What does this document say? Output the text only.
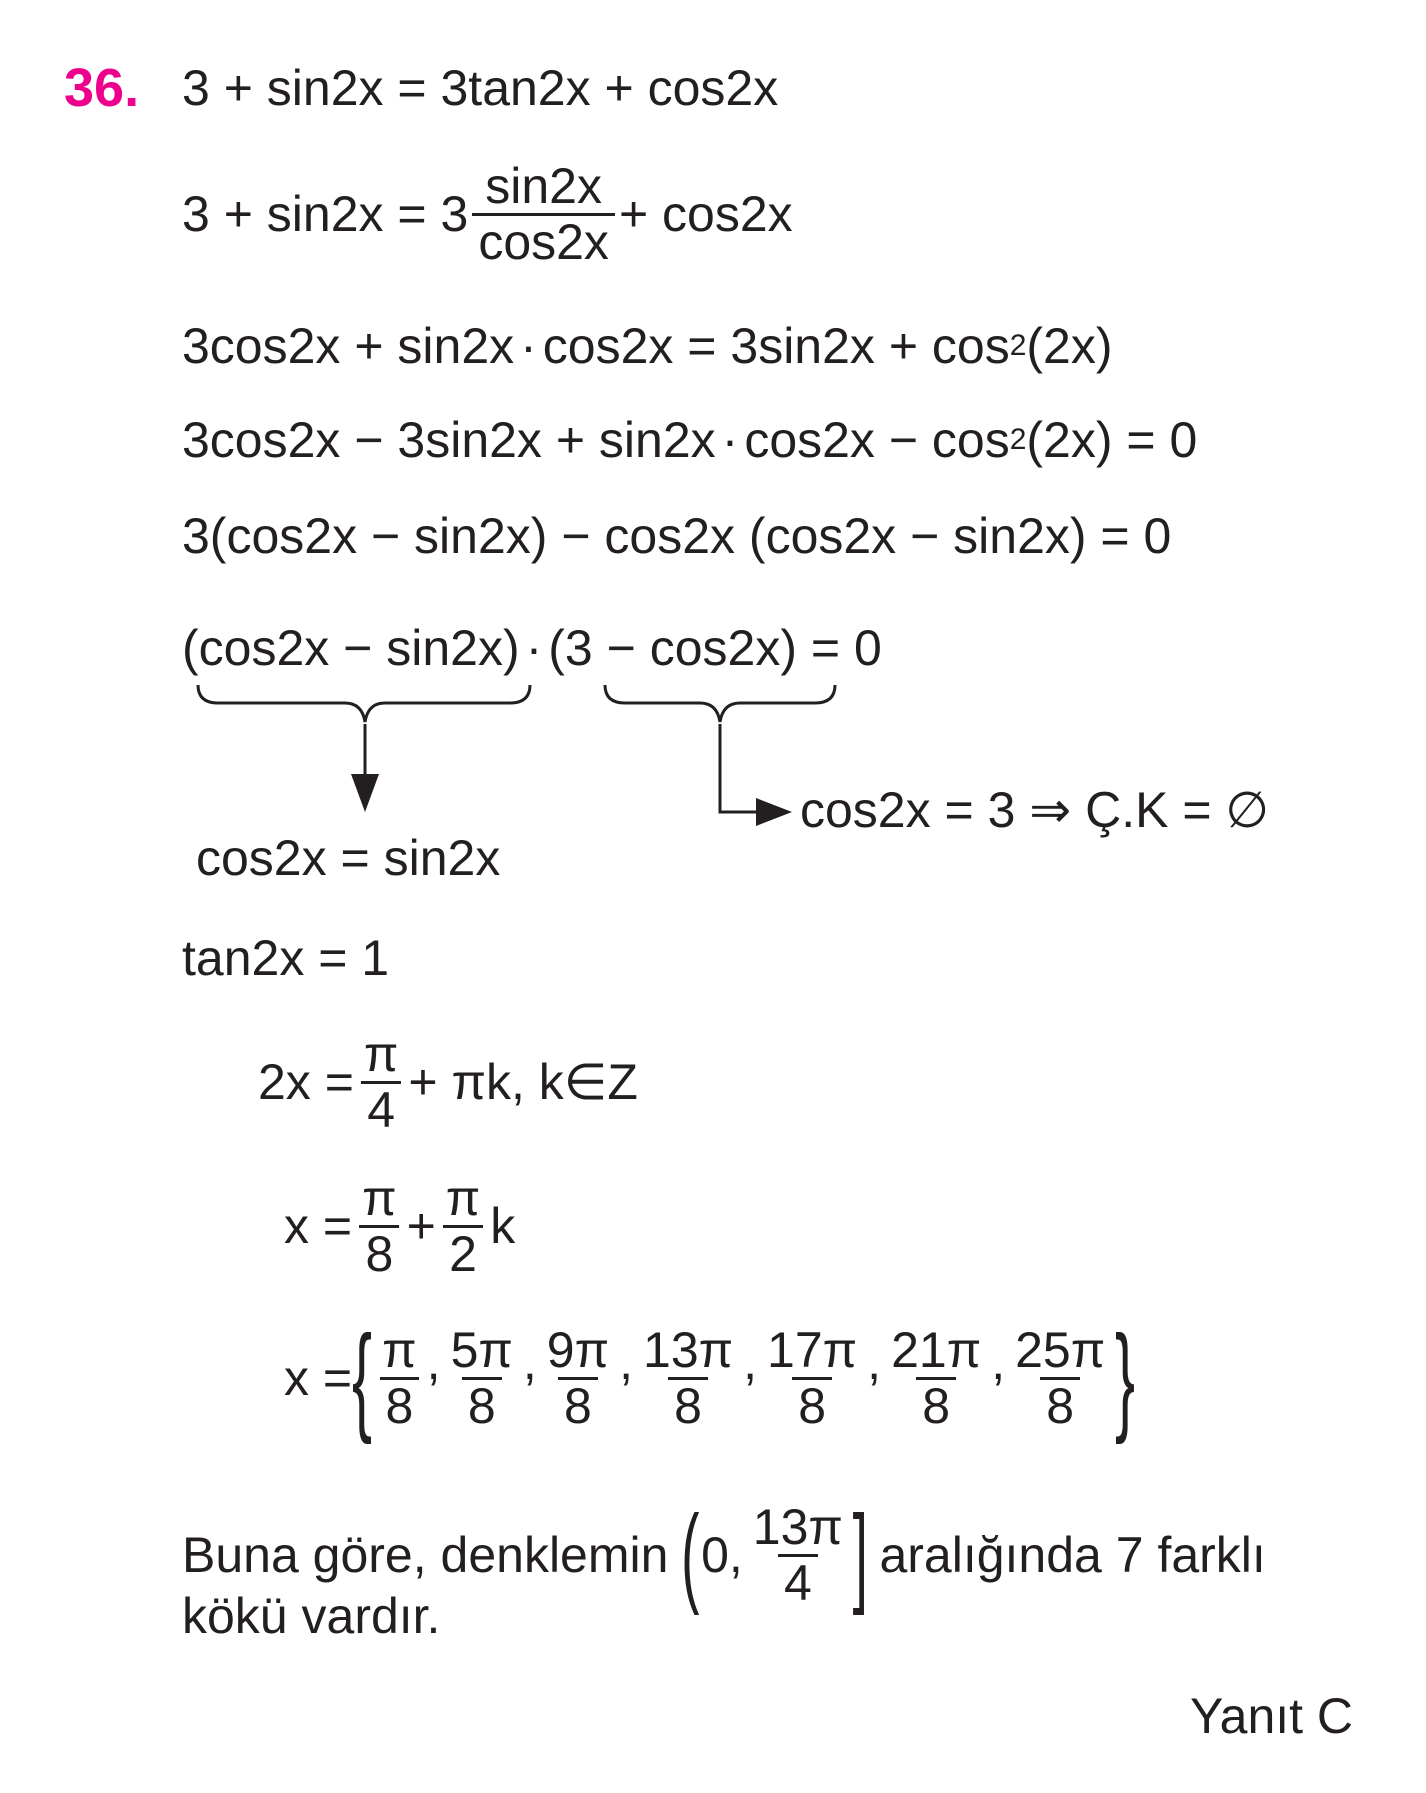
36. 3 + sin2x = 3tan2x + cos2x
$3 + \sin 2x = 3 \frac{\sin 2x}{\cos 2x} + \cos 2x$
3cos2x + sin2x · cos2x = 3sin2x + cos 2 (2x)
3cos2x − 3sin2x + sin2x · cos2x − cos 2 (2x) = 0
3(cos2x − sin2x) − cos2x (cos2x − sin2x) = 0
(cos2x − sin2x) · (3 − cos2x) = 0
cos2x = 3 ⇒ Ç.K = ∅
cos2x = sin2x
tan2x = 1
$2x = \frac{\pi}{4} + \pi k$, k∈Z
$x = \frac{\pi}{8} + \frac{\pi}{2}$ k
x = { $\frac{\pi}{8}$ , $\frac{5\pi}{8}$ , $\frac{9\pi}{8}$ , $\frac{13\pi}{8}$ , $\frac{17\pi}{8}$ , $\frac{21\pi}{8}$ , $\frac{25\pi}{8}$ }
Buna göre, denklemin ( 0, $\frac{13\pi}{4}$ ] aralığında 7 farklı
kökü vardır.
Yanıt C
